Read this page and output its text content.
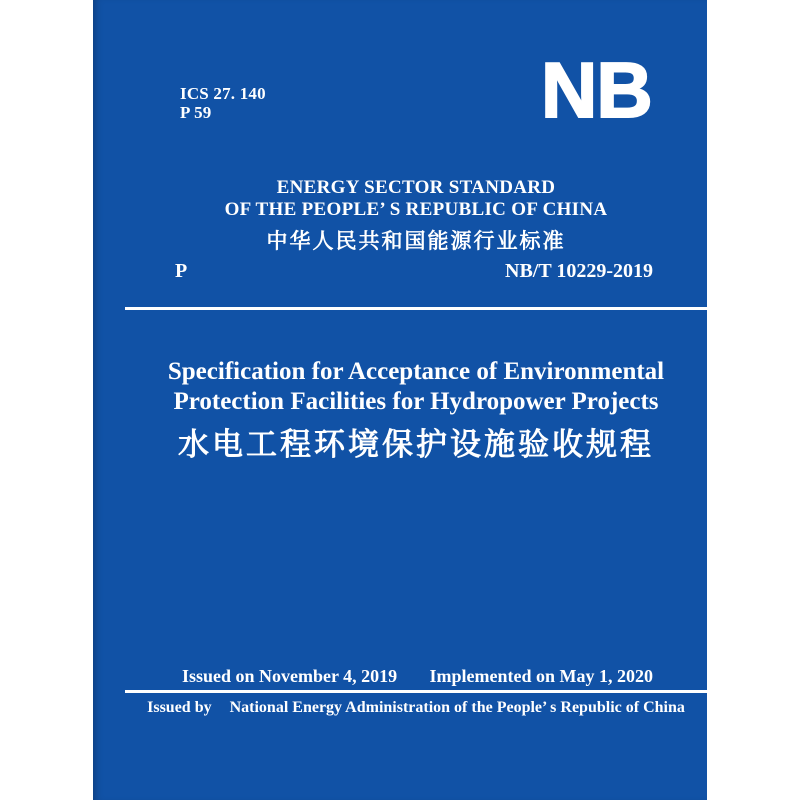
ICS 27. 140
P 59	NB
ENERGY SECTOR STANDARD
OF THE PEOPLE’ S REPUBLIC OF CHINA
中华人民共和国能源行业标准
P	NB/T 10229-2019
Specification for Acceptance of Environmental
Protection Facilities for Hydropower Projects
水电工程环境保护设施验收规程
Issued on November 4, 2019 Implemented on May 1, 2020
Issued by National Energy Administration of the People’ s Republic of China
